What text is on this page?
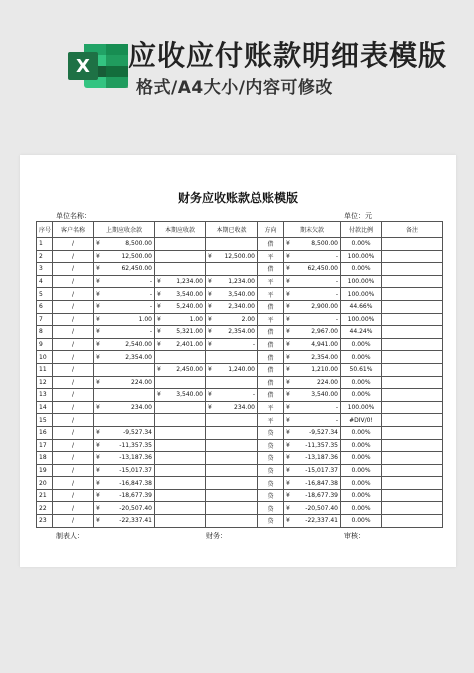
X 应收应付账款明细表模版
格式/A4大小/内容可修改
财务应收账款总账模版
单位名称：	单位：元
序号	客户名称	上期应收余款	本期应收款	本期已收款	方向	期末欠款	付款比例	备注
1	/	¥ 8,500.00			借	¥ 8,500.00	0.00%	
2	/	¥ 12,500.00		¥ 12,500.00	平	¥ -	100.00%	
3	/	¥ 62,450.00			借	¥ 62,450.00	0.00%	
4	/	¥ -	¥ 1,234.00	¥ 1,234.00	平	¥ -	100.00%	
5	/	¥ -	¥ 3,540.00	¥ 3,540.00	平	¥ -	100.00%	
6	/	¥ -	¥ 5,240.00	¥ 2,340.00	借	¥ 2,900.00	44.66%	
7	/	¥ 1.00	¥ 1.00	¥ 2.00	平	¥ -	100.00%	
8	/	¥ -	¥ 5,321.00	¥ 2,354.00	借	¥ 2,967.00	44.24%	
9	/	¥ 2,540.00	¥ 2,401.00	¥ -	借	¥ 4,941.00	0.00%	
10	/	¥ 2,354.00			借	¥ 2,354.00	0.00%	
11	/		¥ 2,450.00	¥ 1,240.00	借	¥ 1,210.00	50.61%	
12	/	¥ 224.00			借	¥ 224.00	0.00%	
13	/		¥ 3,540.00	¥ -	借	¥ 3,540.00	0.00%	
14	/	¥ 234.00		¥ 234.00	平	¥ -	100.00%	
15	/				平	¥ -	#DIV/0!	
16	/	¥ -9,527.34			贷	¥ -9,527.34	0.00%	
17	/	¥ -11,357.35			贷	¥ -11,357.35	0.00%	
18	/	¥ -13,187.36			贷	¥ -13,187.36	0.00%	
19	/	¥ -15,017.37			贷	¥ -15,017.37	0.00%	
20	/	¥ -16,847.38			贷	¥ -16,847.38	0.00%	
21	/	¥ -18,677.39			贷	¥ -18,677.39	0.00%	
22	/	¥ -20,507.40			贷	¥ -20,507.40	0.00%	
23	/	¥ -22,337.41			贷	¥ -22,337.41	0.00%	
制表人：	财务：	审核：
